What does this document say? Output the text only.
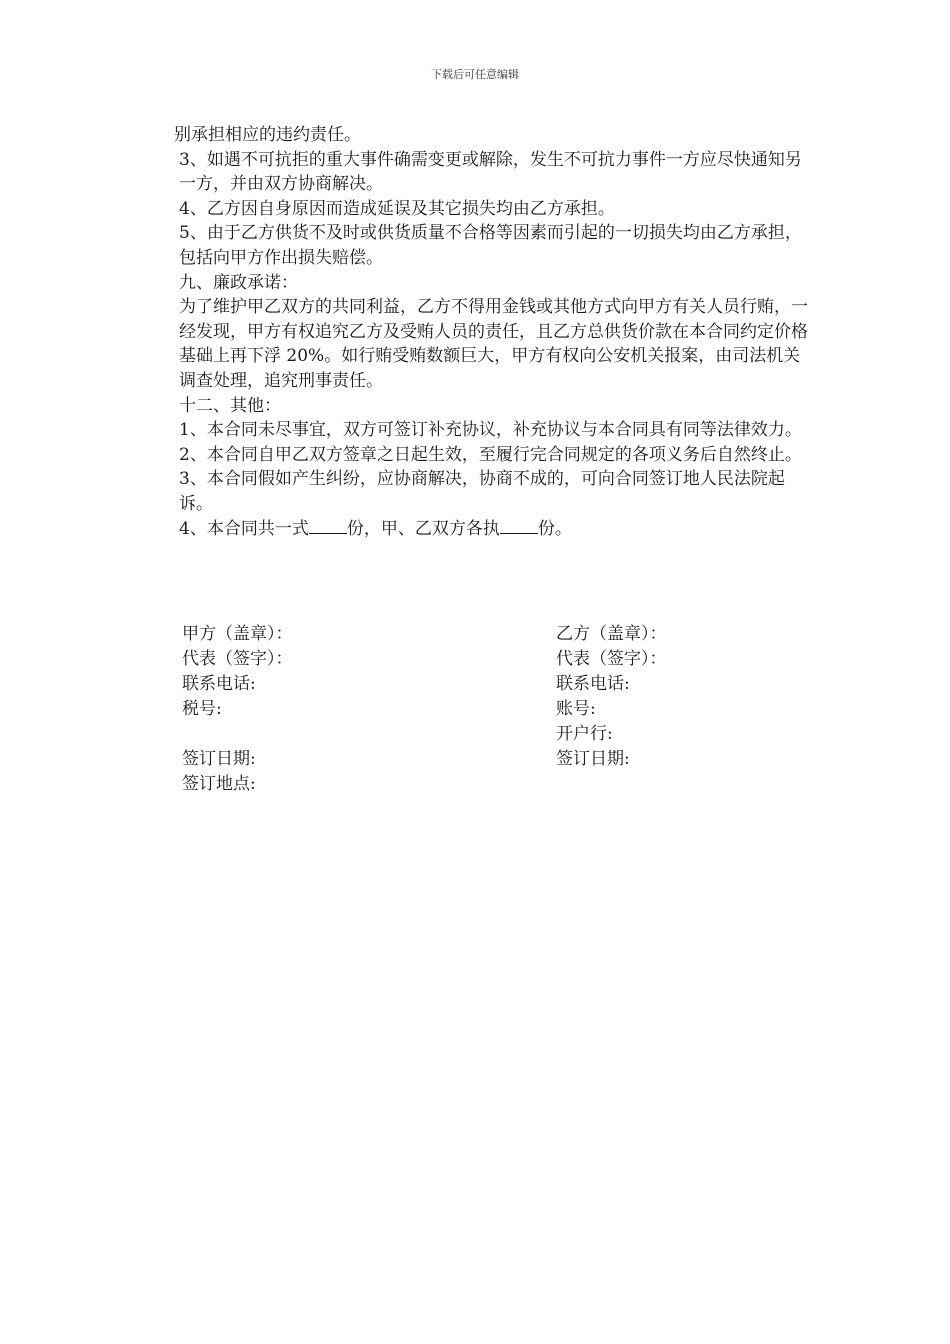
下载后可任意编辑

别承担相应的违约责任。

3、如遇不可抗拒的重大事件确需变更或解除，发生不可抗力事件一方应尽快通知另一方，并由双方协商解决。

4、乙方因自身原因而造成延误及其它损失均由乙方承担。

5、由于乙方供货不及时或供货质量不合格等因素而引起的一切损失均由乙方承担，包括向甲方作出损失赔偿。

九、廉政承诺：

为了维护甲乙双方的共同利益，乙方不得用金钱或其他方式向甲方有关人员行贿，一经发现，甲方有权追究乙方及受贿人员的责任，且乙方总供货价款在本合同约定价格基础上再下浮 20%。如行贿受贿数额巨大，甲方有权向公安机关报案，由司法机关调查处理，追究刑事责任。

十二、其他：

1、本合同未尽事宜，双方可签订补充协议，补充协议与本合同具有同等法律效力。

2、本合同自甲乙双方签章之日起生效，至履行完合同规定的各项义务后自然终止。

3、本合同假如产生纠纷，应协商解决，协商不成的，可向合同签订地人民法院起诉。

4、本合同共一式 份，甲、乙双方各执 份。

甲方（盖章）：
代表（签字）：
联系电话:
税号:
签订日期:
签订地点:
乙方（盖章）：
代表（签字）：
联系电话:
账号:
开户行:
签订日期:
